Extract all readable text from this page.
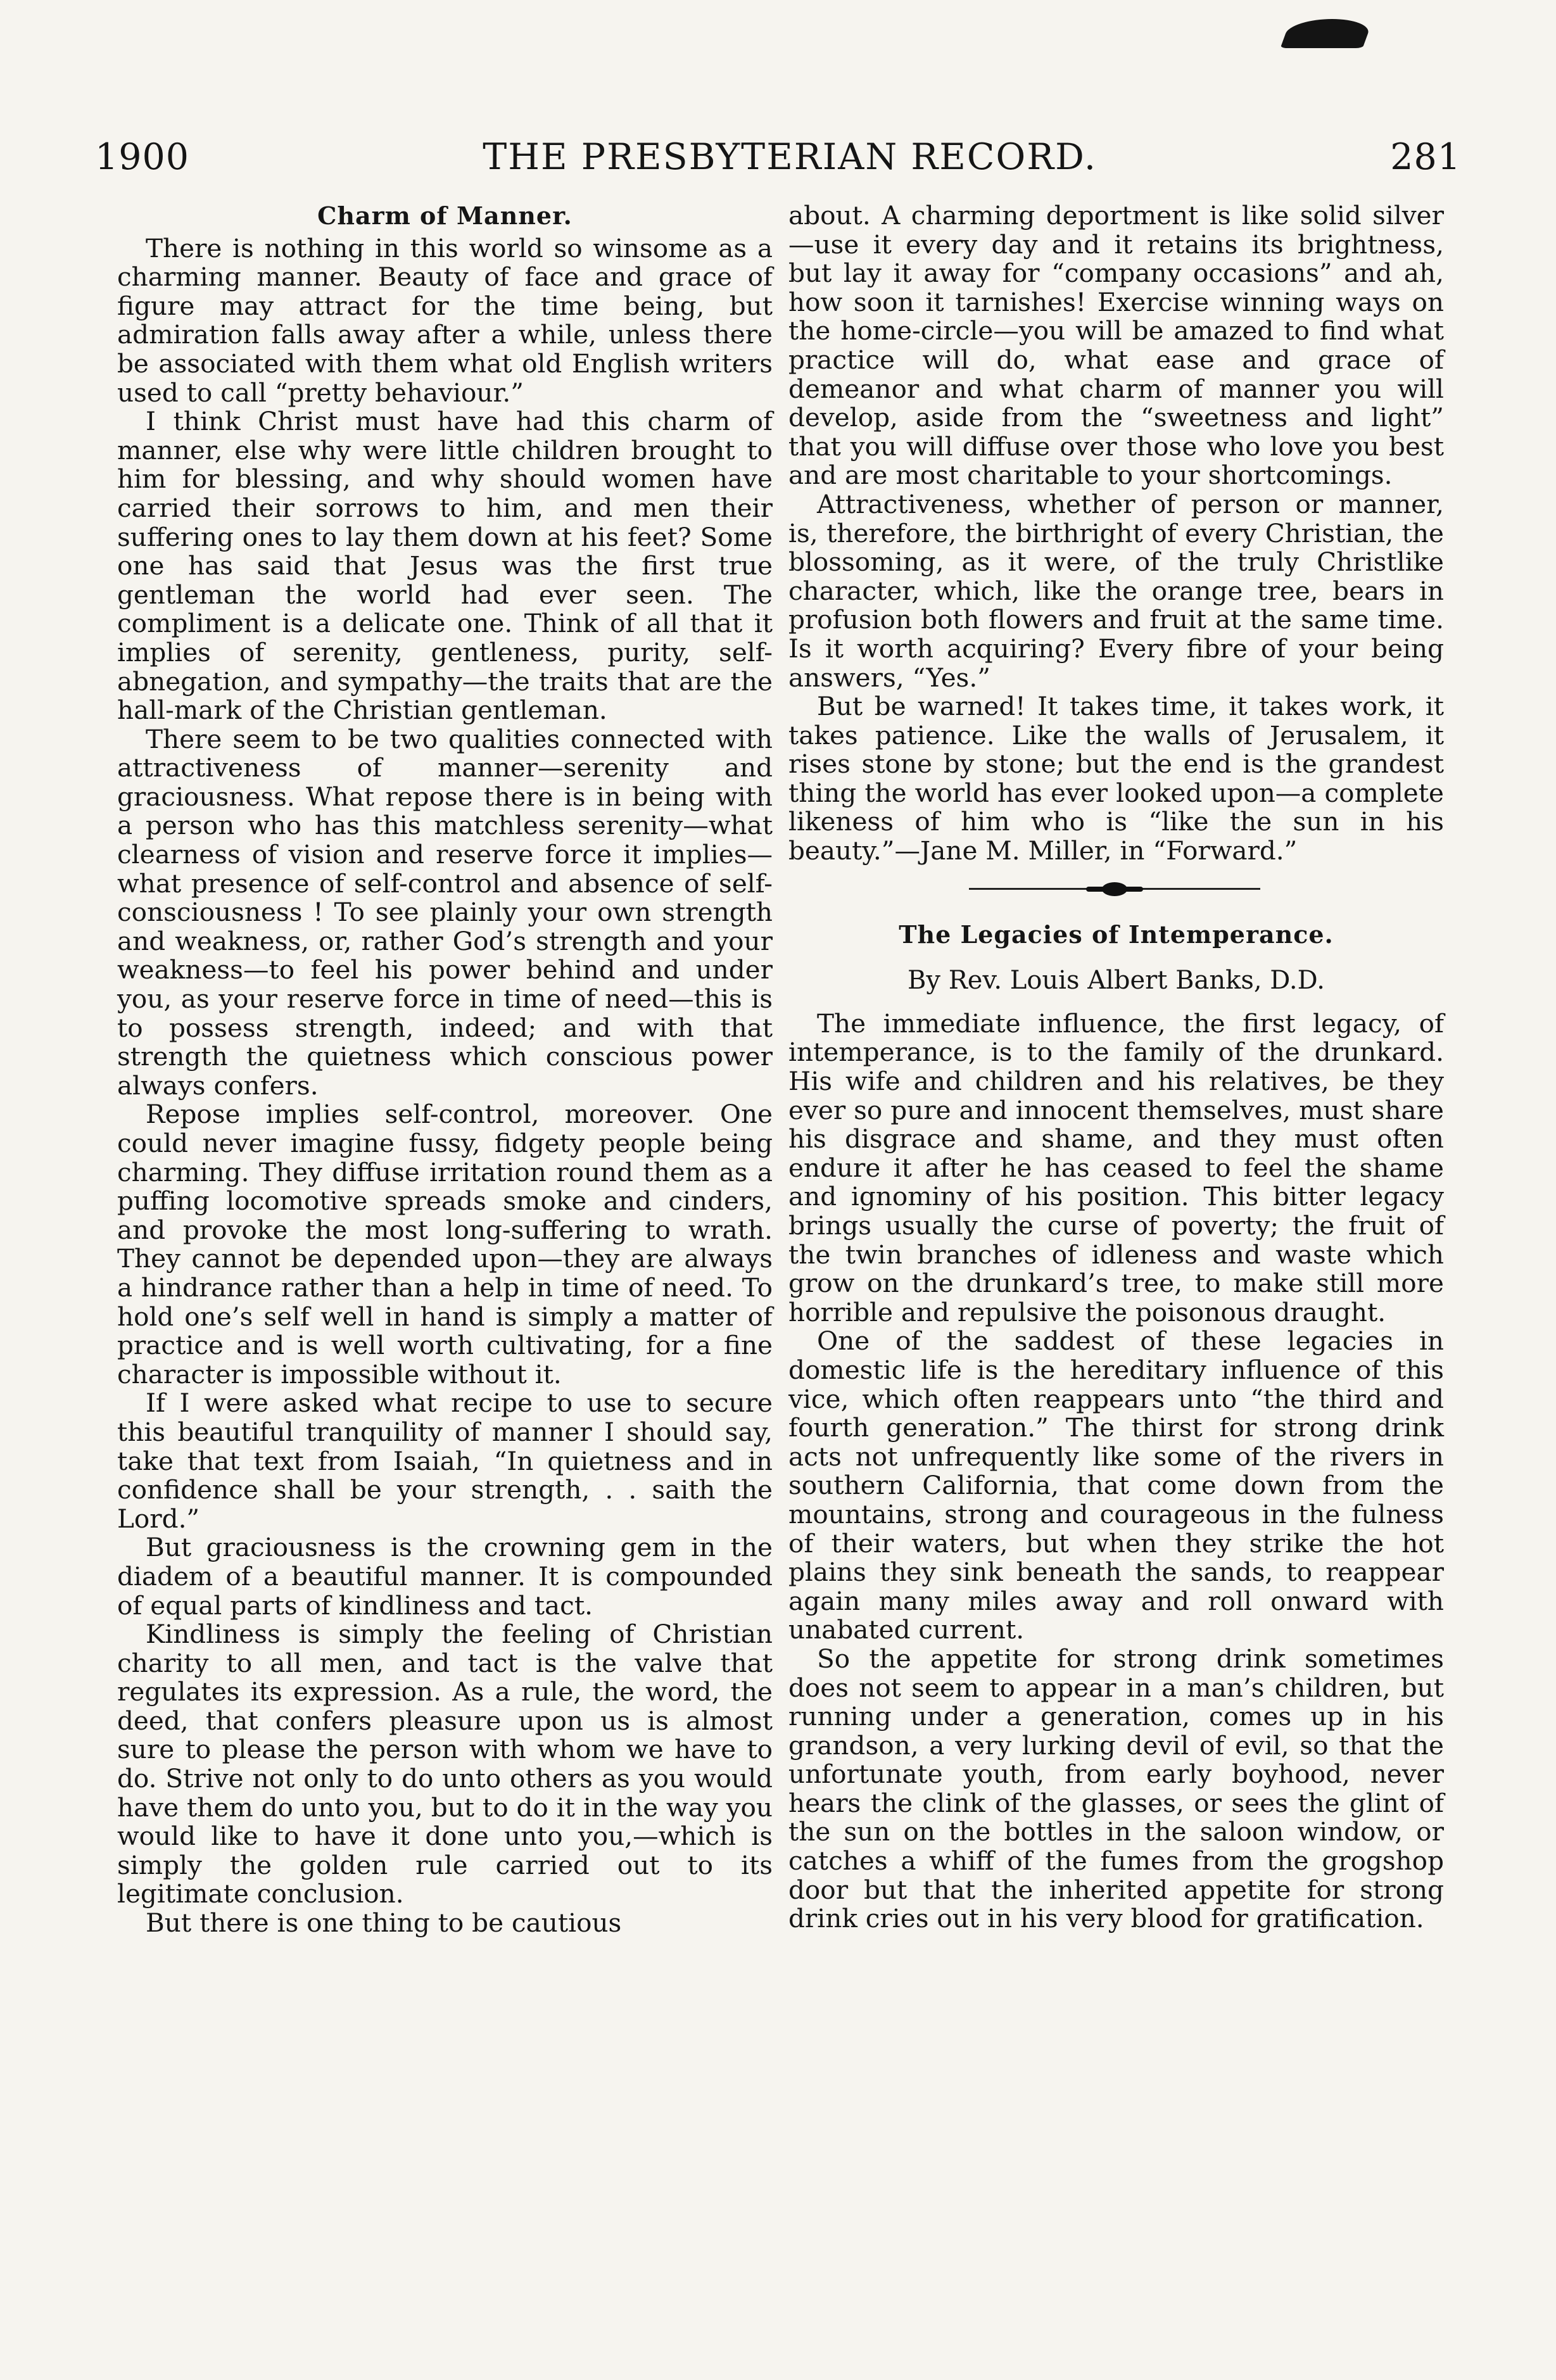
1900	THE PRESBYTERIAN RECORD.	281
Charm of Manner.

There is nothing in this world so winsome as a charming manner. Beauty of face and grace of figure may attract for the time being, but admiration falls away after a while, unless there be associated with them what old English writers used to call “pretty behaviour.”

I think Christ must have had this charm of manner, else why were little children brought to him for blessing, and why should women have carried their sorrows to him, and men their suffering ones to lay them down at his feet? Some one has said that Jesus was the first true gentleman the world had ever seen. The compliment is a delicate one. Think of all that it implies of serenity, gentleness, purity, self-abnegation, and sympathy—the traits that are the hall-mark of the Christian gentleman.

There seem to be two qualities connected with attractiveness of manner—serenity and graciousness. What repose there is in being with a person who has this matchless serenity—what clearness of vision and reserve force it implies—what presence of self-control and absence of self-consciousness ! To see plainly your own strength and weakness, or, rather God’s strength and your weakness—to feel his power behind and under you, as your reserve force in time of need—this is to possess strength, indeed; and with that strength the quietness which conscious power always confers.

Repose implies self-control, moreover. One could never imagine fussy, fidgety people being charming. They diffuse irritation round them as a puffing locomotive spreads smoke and cinders, and provoke the most long-suffering to wrath. They cannot be depended upon—they are always a hindrance rather than a help in time of need. To hold one’s self well in hand is simply a matter of practice and is well worth cultivating, for a fine character is impossible without it.

If I were asked what recipe to use to secure this beautiful tranquility of manner I should say, take that text from Isaiah, “In quietness and in confidence shall be your strength, . . saith the Lord.”

But graciousness is the crowning gem in the diadem of a beautiful manner. It is compounded of equal parts of kindliness and tact.

Kindliness is simply the feeling of Christian charity to all men, and tact is the valve that regulates its expression. As a rule, the word, the deed, that confers pleasure upon us is almost sure to please the person with whom we have to do. Strive not only to do unto others as you would have them do unto you, but to do it in the way you would like to have it done unto you,—which is simply the golden rule carried out to its legitimate conclusion.

But there is one thing to be cautious

about. A charming deportment is like solid silver—use it every day and it retains its brightness, but lay it away for “company occasions” and ah, how soon it tarnishes! Exercise winning ways on the home-circle—you will be amazed to find what practice will do, what ease and grace of demeanor and what charm of manner you will develop, aside from the “sweetness and light” that you will diffuse over those who love you best and are most charitable to your shortcomings.

Attractiveness, whether of person or manner, is, therefore, the birthright of every Christian, the blossoming, as it were, of the truly Christlike character, which, like the orange tree, bears in profusion both flowers and fruit at the same time. Is it worth acquiring? Every fibre of your being answers, “Yes.”

But be warned! It takes time, it takes work, it takes patience. Like the walls of Jerusalem, it rises stone by stone; but the end is the grandest thing the world has ever looked upon—a complete likeness of him who is “like the sun in his beauty.”—Jane M. Miller, in “Forward.”

The Legacies of Intemperance.
By Rev. Louis Albert Banks, D.D.

The immediate influence, the first legacy, of intemperance, is to the family of the drunkard. His wife and children and his relatives, be they ever so pure and innocent themselves, must share his disgrace and shame, and they must often endure it after he has ceased to feel the shame and ignominy of his position. This bitter legacy brings usually the curse of poverty; the fruit of the twin branches of idleness and waste which grow on the drunkard’s tree, to make still more horrible and repulsive the poisonous draught.

One of the saddest of these legacies in domestic life is the hereditary influence of this vice, which often reappears unto “the third and fourth generation.” The thirst for strong drink acts not unfrequently like some of the rivers in southern California, that come down from the mountains, strong and courageous in the fulness of their waters, but when they strike the hot plains they sink beneath the sands, to reappear again many miles away and roll onward with unabated current.

So the appetite for strong drink sometimes does not seem to appear in a man’s children, but running under a generation, comes up in his grandson, a very lurking devil of evil, so that the unfortunate youth, from early boyhood, never hears the clink of the glasses, or sees the glint of the sun on the bottles in the saloon window, or catches a whiff of the fumes from the grogshop door but that the inherited appetite for strong drink cries out in his very blood for gratification.
